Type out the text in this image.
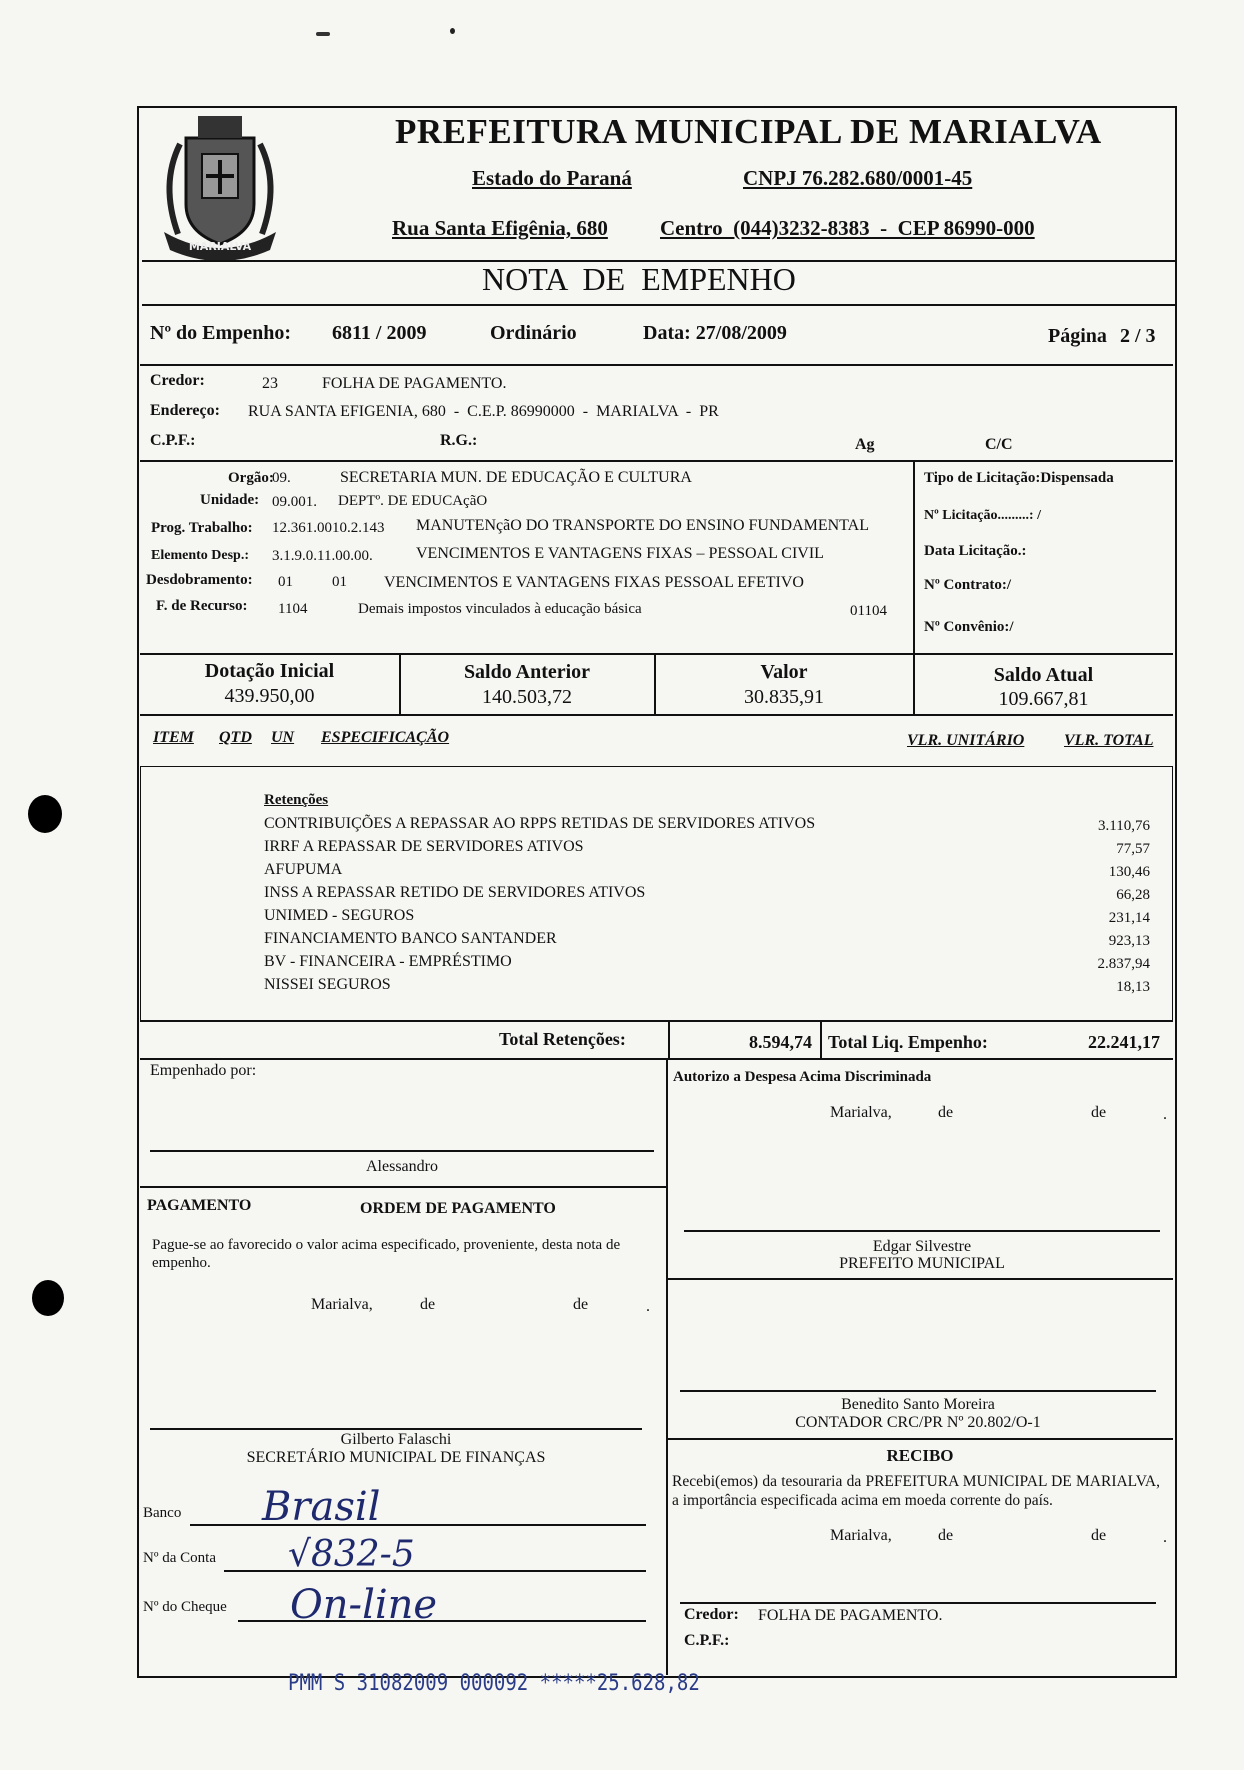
MARIALVA
PREFEITURA MUNICIPAL DE MARIALVA
Estado do Paraná	CNPJ 76.282.680/0001-45
Rua Santa Efigênia, 680 Centro  (044)3232-8383  -  CEP 86990-000
NOTA  DE  EMPENHO
Nº do Empenho: 6811 / 2009	Ordinário	Data: 27/08/2009	Página 2 / 3
Credor:	23	FOLHA DE PAGAMENTO.
Endereço: RUA SANTA EFIGENIA, 680  -  C.E.P. 86990000  -  MARIALVA  -  PR
C.P.F.:	R.G.:	Ag	C/C
Orgão:
09.	SECRETARIA MUN. DE EDUCAÇÃO E CULTURA
Unidade: 09.001. DEPTº. DE EDUCAçãO
Prog. Trabalho: 12.361.0010.2.143 MANUTENçãO DO TRANSPORTE DO ENSINO FUNDAMENTAL
Elemento Desp.: 3.1.9.0.11.00.00.	VENCIMENTOS E VANTAGENS FIXAS – PESSOAL CIVIL
Desdobramento: 01	01 VENCIMENTOS E VANTAGENS FIXAS PESSOAL EFETIVO
F. de Recurso: 1104	Demais impostos vinculados à educação básica	01104
Tipo de Licitação:Dispensada
Nº Licitação.........: /
Data Licitação.:
Nº Contrato:/
Nº Convênio:/
Dotação Inicial
439.950,00
Saldo Anterior
140.503,72
Valor
30.835,91
Saldo Atual
109.667,81
ITEM QTD UN ESPECIFICAÇÃO	VLR. UNITÁRIO VLR. TOTAL
Retenções
CONTRIBUIÇÕES A REPASSAR AO RPPS RETIDAS DE SERVIDORES ATIVOS	3.110,76
IRRF A REPASSAR DE SERVIDORES ATIVOS	77,57
AFUPUMA	130,46
INSS A REPASSAR RETIDO DE SERVIDORES ATIVOS	66,28
UNIMED - SEGUROS	231,14
FINANCIAMENTO BANCO SANTANDER	923,13
BV - FINANCEIRA - EMPRÉSTIMO	2.837,94
NISSEI SEGUROS	18,13
Total Retenções:	8.594,74 Total Liq. Empenho:	22.241,17
Empenhado por:
Alessandro
PAGAMENTO	ORDEM DE PAGAMENTO
Pague-se ao favorecido o valor acima especificado, proveniente, desta nota de empenho.
Marialva,	de	de	.
Gilberto Falaschi
SECRETÁRIO MUNICIPAL DE FINANÇAS
Banco Brasil
Nº da Conta √832-5
Nº do Cheque On-line
Autorizo a Despesa Acima Discriminada
Marialva,	de	de	.
Edgar Silvestre
PREFEITO MUNICIPAL
Benedito Santo Moreira
CONTADOR CRC/PR Nº 20.802/O-1
RECIBO
Recebi(emos) da tesouraria da PREFEITURA MUNICIPAL DE MARIALVA, a importância especificada acima em moeda corrente do país.
Marialva,	de	de	.
Credor: FOLHA DE PAGAMENTO.
C.P.F.:
PMM S 31082009 000092 *****25.628,82
